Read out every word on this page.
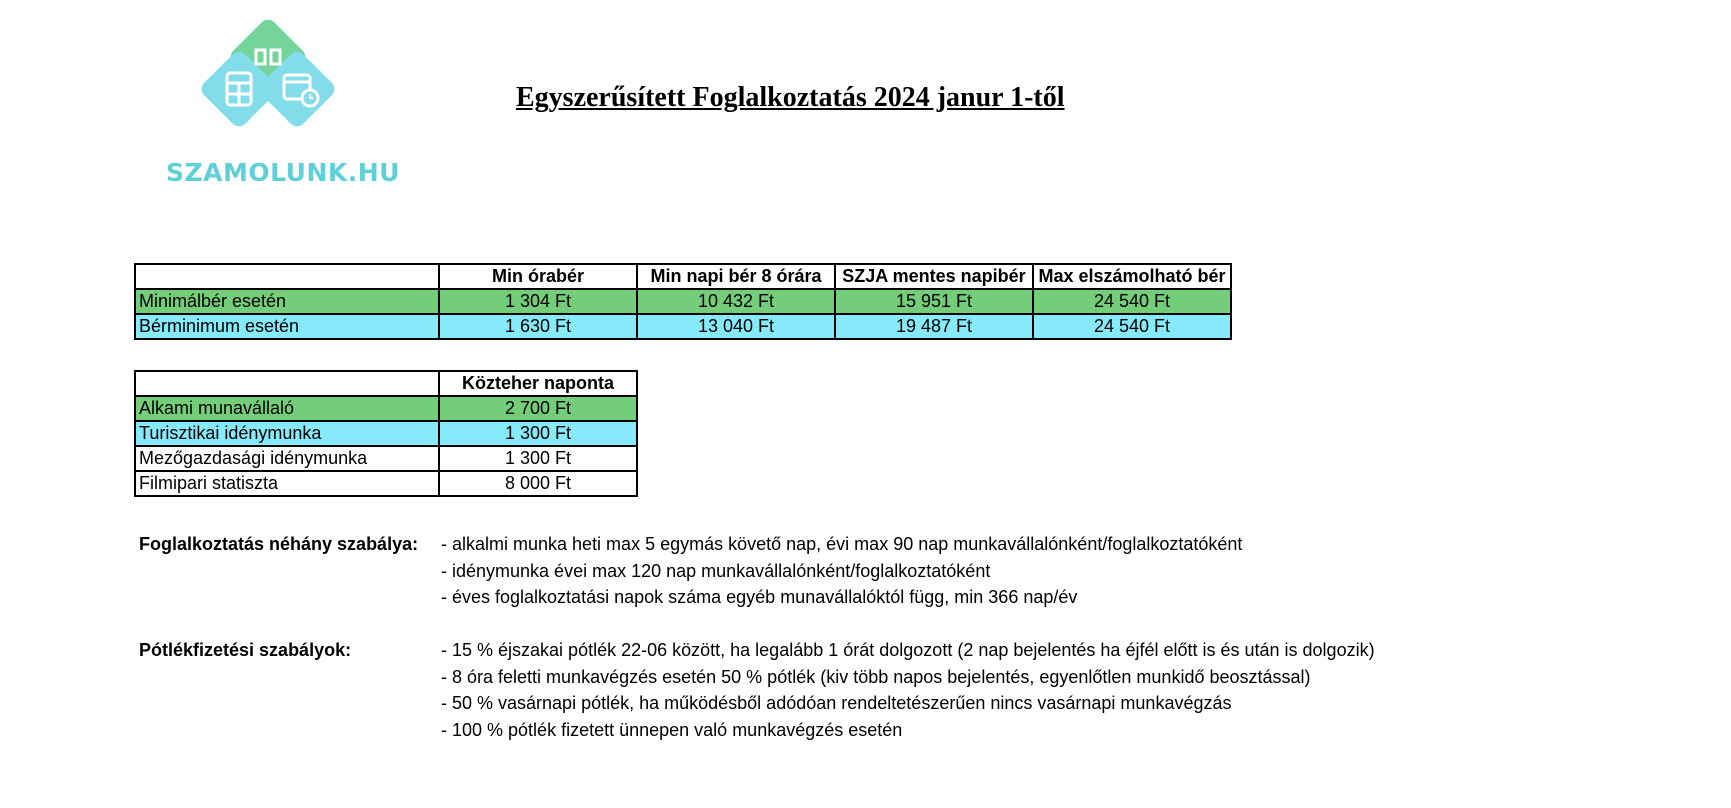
SZAMOLUNK.HU
Egyszerűsített Foglalkoztatás 2024 janur 1-től
	Min órabér	Min napi bér 8 órára	SZJA mentes napibér	Max elszámolható bér
Minimálbér esetén	1 304 Ft	10 432 Ft	15 951 Ft	24 540 Ft
Bérminimum esetén	1 630 Ft	13 040 Ft	19 487 Ft	24 540 Ft
	Közteher naponta
Alkami munavállaló	2 700 Ft
Turisztikai idénymunka	1 300 Ft
Mezőgazdasági idénymunka	1 300 Ft
Filmipari statiszta	8 000 Ft
Foglalkoztatás néhány szabálya: - alkalmi munka heti max 5 egymás követő nap, évi max 90 nap munkavállalónként/foglalkoztatóként
- idénymunka évei max 120 nap munkavállalónként/foglalkoztatóként
- éves foglalkoztatási napok száma egyéb munavállalóktól függ, min 366 nap/év
Pótlékfizetési szabályok:	- 15 % éjszakai pótlék 22-06 között, ha legalább 1 órát dolgozott (2 nap bejelentés ha éjfél előtt is és után is dolgozik)
- 8 óra feletti munkavégzés esetén 50 % pótlék (kiv több napos bejelentés, egyenlőtlen munkidő beosztással)
- 50 % vasárnapi pótlék, ha működésből adódóan rendeltetészerűen nincs vasárnapi munkavégzás
- 100 % pótlék fizetett ünnepen való munkavégzés esetén
